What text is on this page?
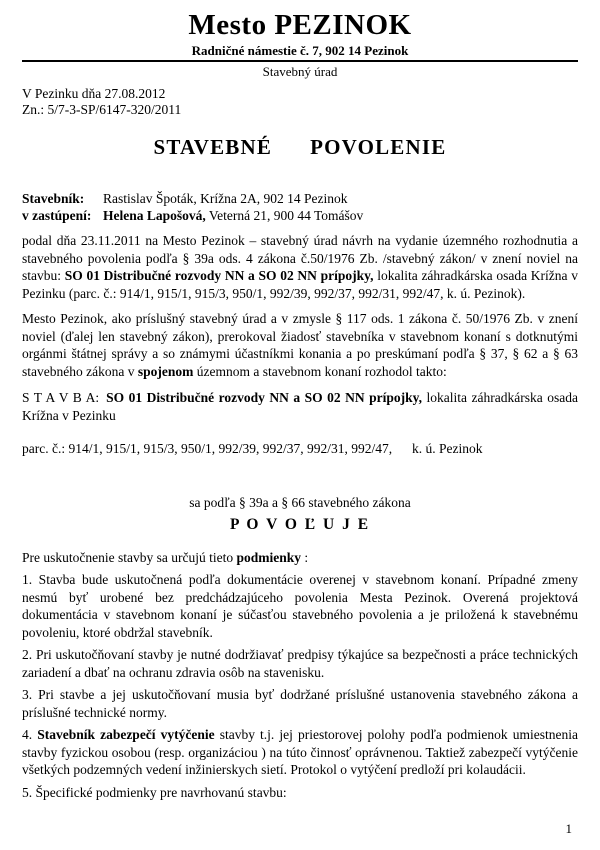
Mesto PEZINOK
Radničné námestie č. 7, 902 14 Pezinok
Stavebný úrad
V Pezinku dňa 27.08.2012
Zn.: 5/7-3-SP/6147-320/2011
STAVEBNÉ POVOLENIE
Stavebník:	Rastislav Špoták, Krížna 2A, 902 14 Pezinok
v zastúpení: Helena Lapošová, Veterná 21, 900 44 Tomášov

podal dňa 23.11.2011 na Mesto Pezinok – stavebný úrad návrh na vydanie územného rozhodnutia a stavebného povolenia podľa § 39a ods. 4 zákona č.50/1976 Zb. /stavebný zákon/ v znení noviel na stavbu: SO 01 Distribučné rozvody NN a SO 02 NN prípojky, lokalita záhradkárska osada Krížna v Pezinku (parc. č.: 914/1, 915/1, 915/3, 950/1, 992/39, 992/37, 992/31, 992/47, k. ú. Pezinok).

Mesto Pezinok, ako príslušný stavebný úrad a v zmysle § 117 ods. 1 zákona č. 50/1976 Zb. v znení noviel (ďalej len stavebný zákon), prerokoval žiadosť stavebníka v stavebnom konaní s dotknutými orgánmi štátnej správy a so známymi účastníkmi konania a po preskúmaní podľa § 37, § 62 a § 63 stavebného zákona v spojenom územnom a stavebnom konaní rozhodol takto:

S T A V B A: SO 01 Distribučné rozvody NN a SO 02 NN prípojky, lokalita záhradkárska osada Krížna v Pezinku

parc. č.: 914/1, 915/1, 915/3, 950/1, 992/39, 992/37, 992/31, 992/47, k. ú. Pezinok
sa podľa § 39a a § 66 stavebného zákona
P O V O Ľ U J E

Pre uskutočnenie stavby sa určujú tieto podmienky :

1. Stavba bude uskutočnená podľa dokumentácie overenej v stavebnom konaní. Prípadné zmeny nesmú byť urobené bez predchádzajúceho povolenia Mesta Pezinok. Overená projektová dokumentácia v stavebnom konaní je súčasťou stavebného povolenia a je priložená k stavebnému povoleniu, ktoré obdržal stavebník.

2. Pri uskutočňovaní stavby je nutné dodržiavať predpisy týkajúce sa bezpečnosti a práce technických zariadení a dbať na ochranu zdravia osôb na stavenisku.

3. Pri stavbe a jej uskutočňovaní musia byť dodržané príslušné ustanovenia stavebného zákona a príslušné technické normy.

4. Stavebník zabezpečí vytýčenie stavby t.j. jej priestorovej polohy podľa podmienok umiestnenia stavby fyzickou osobou (resp. organizáciou ) na túto činnosť oprávnenou. Taktiež zabezpečí vytýčenie všetkých podzemných vedení inžinierskych sietí. Protokol o vytýčení predloží pri kolaudácii.

5. Špecifické podmienky pre navrhovanú stavbu:

1
